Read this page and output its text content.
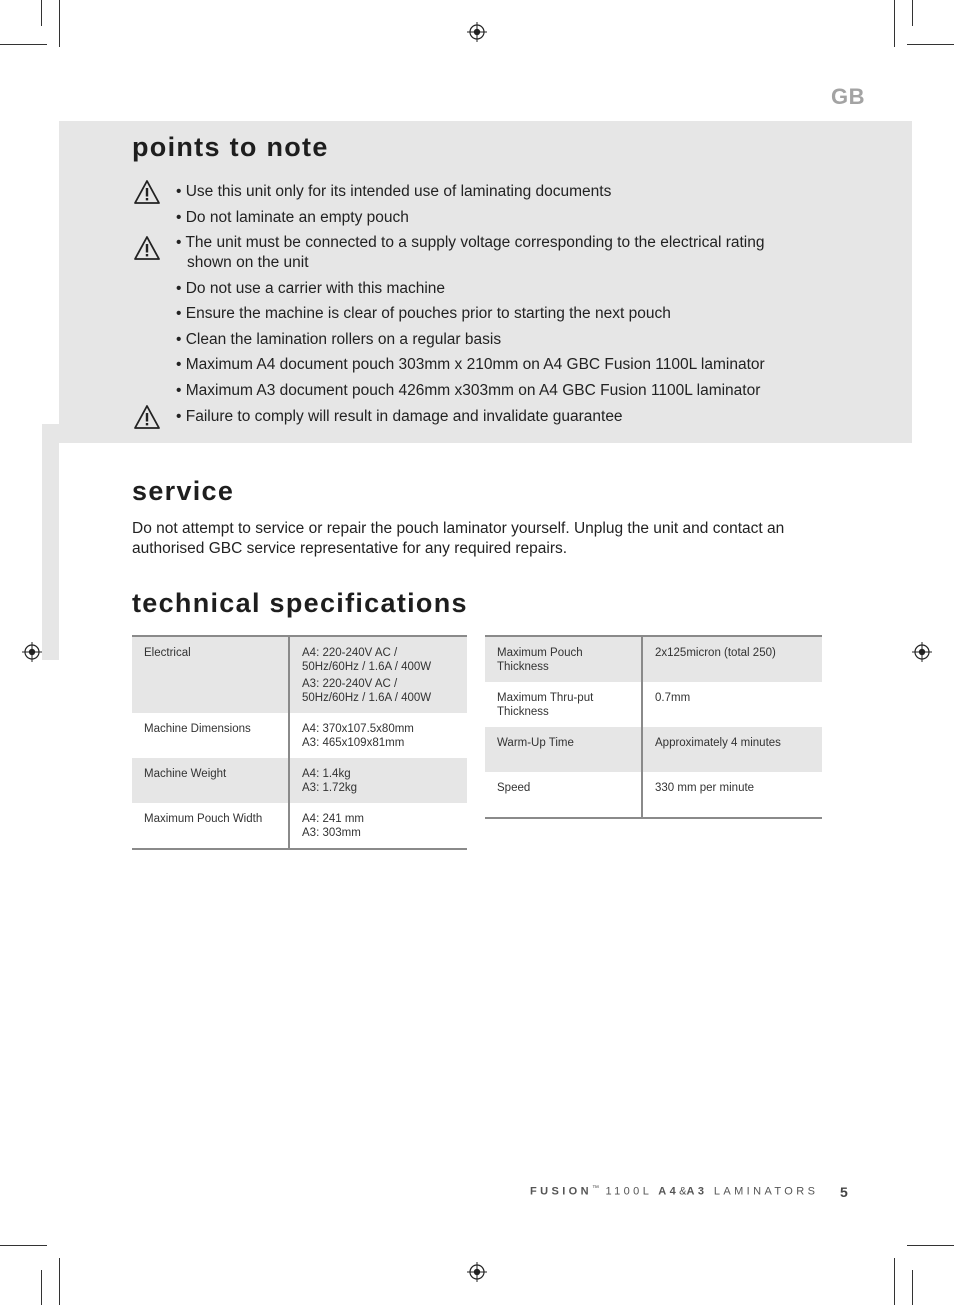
GB
points to note
• Use this unit only for its intended use of laminating documents
• Do not laminate an empty pouch
• The unit must be connected to a supply voltage corresponding to the electrical rating
shown on the unit
• Do not use a carrier with this machine
• Ensure the machine is clear of pouches prior to starting the next pouch
• Clean the lamination rollers on a regular basis
• Maximum A4 document pouch 303mm x 210mm on A4 GBC Fusion 1100L laminator
• Maximum A3 document pouch 426mm x303mm on A4 GBC Fusion 1100L laminator
• Failure to comply will result in damage and invalidate guarantee
service
Do not attempt to service or repair the pouch laminator yourself. Unplug the unit and contact an authorised GBC service representative for any required repairs.
technical specifications
Electrical	A4: 220-240V AC /
50Hz/60Hz / 1.6A / 400W
A3: 220-240V AC /
50Hz/60Hz / 1.6A / 400W
Machine Dimensions	A4: 370x107.5x80mm
A3: 465x109x81mm
Machine Weight	A4: 1.4kg
A3: 1.72kg
Maximum Pouch Width	A4: 241 mm
A3: 303mm
Maximum Pouch
Thickness	2x125micron (total 250)
Maximum Thru-put
Thickness	0.7mm
Warm-Up Time	Approximately 4 minutes
Speed	330 mm per minute
FUSION™ 1100L A4&A3 LAMINATORS 5
